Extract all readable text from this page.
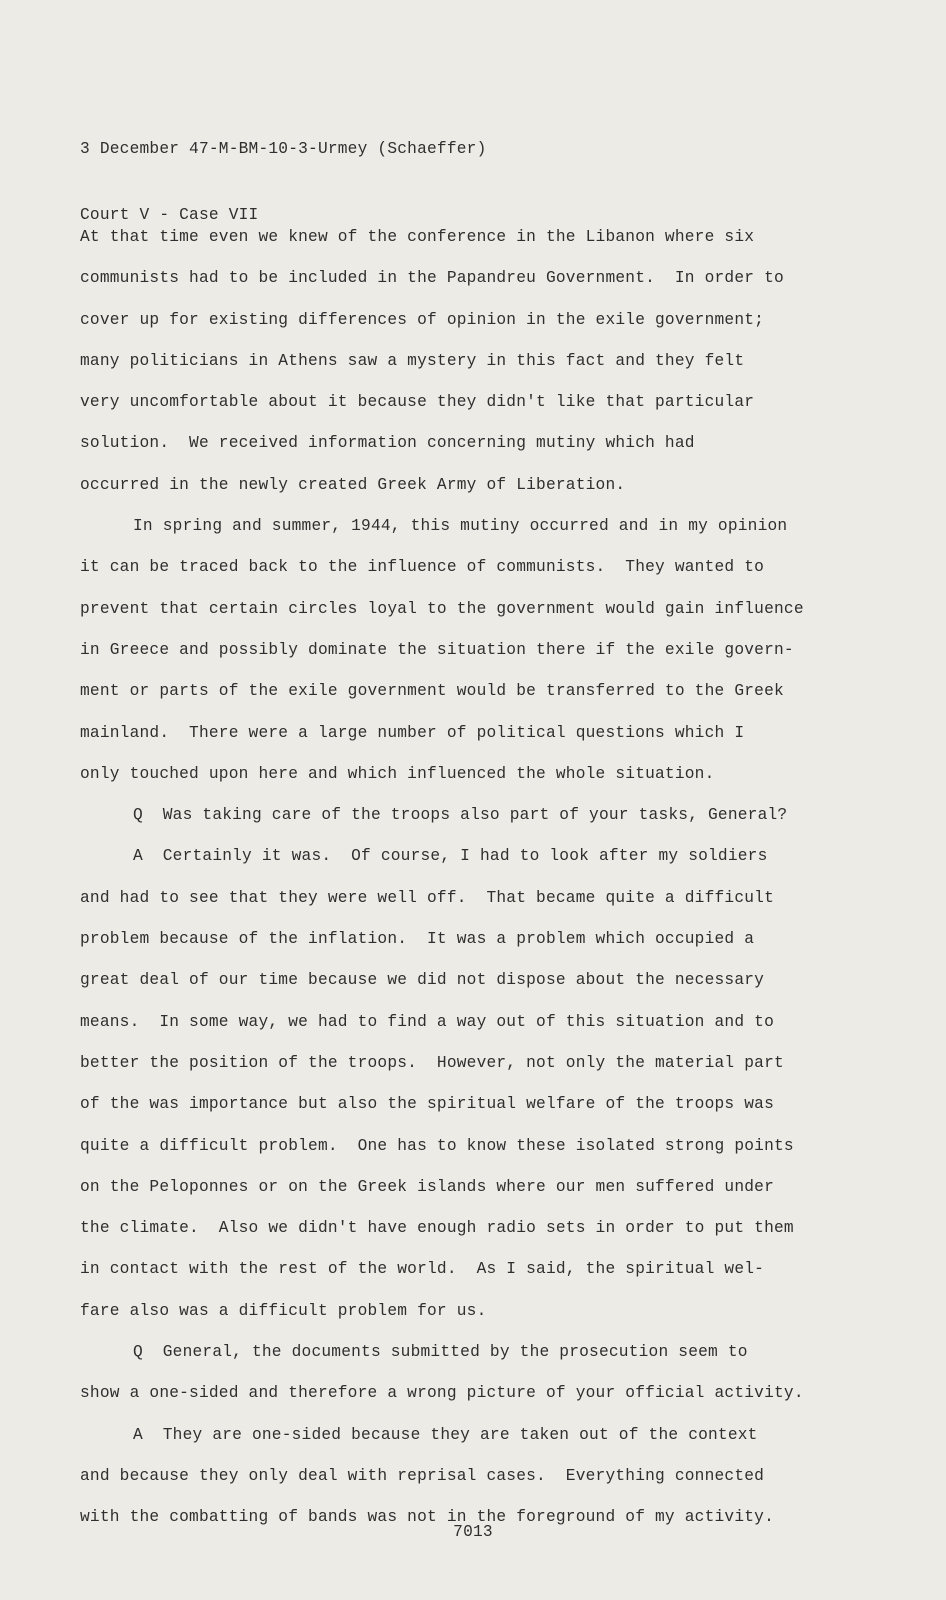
3 December 47-M-BM-10-3-Urmey (Schaeffer)

Court V - Case VII

At that time even we knew of the conference in the Libanon where six
communists had to be included in the Papandreu Government.  In order to
cover up for existing differences of opinion in the exile government;
many politicians in Athens saw a mystery in this fact and they felt
very uncomfortable about it because they didn't like that particular
solution.  We received information concerning mutiny which had
occurred in the newly created Greek Army of Liberation.
In spring and summer, 1944, this mutiny occurred and in my opinion
it can be traced back to the influence of communists.  They wanted to
prevent that certain circles loyal to the government would gain influence
in Greece and possibly dominate the situation there if the exile govern-
ment or parts of the exile government would be transferred to the Greek
mainland.  There were a large number of political questions which I
only touched upon here and which influenced the whole situation.
Q  Was taking care of the troops also part of your tasks, General?
A  Certainly it was.  Of course, I had to look after my soldiers
and had to see that they were well off.  That became quite a difficult
problem because of the inflation.  It was a problem which occupied a
great deal of our time because we did not dispose about the necessary
means.  In some way, we had to find a way out of this situation and to
better the position of the troops.  However, not only the material part
of the was importance but also the spiritual welfare of the troops was
quite a difficult problem.  One has to know these isolated strong points
on the Peloponnes or on the Greek islands where our men suffered under
the climate.  Also we didn't have enough radio sets in order to put them
in contact with the rest of the world.  As I said, the spiritual wel-
fare also was a difficult problem for us.
Q  General, the documents submitted by the prosecution seem to
show a one-sided and therefore a wrong picture of your official activity.
A  They are one-sided because they are taken out of the context
and because they only deal with reprisal cases.  Everything connected
with the combatting of bands was not in the foreground of my activity.
7013
